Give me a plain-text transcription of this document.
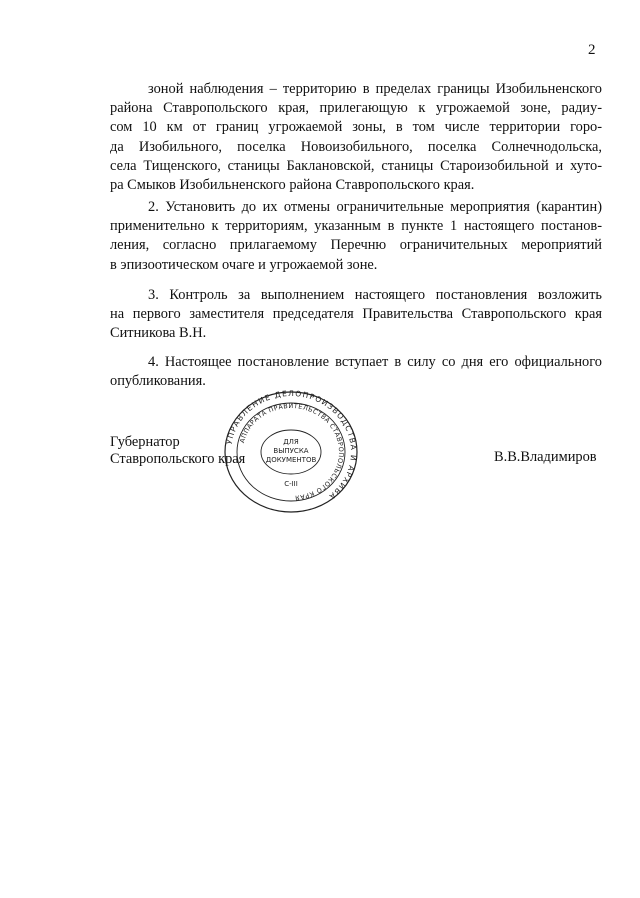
2
зоной наблюдения – территорию в пределах границы Изобильненского
района Ставропольского края, прилегающую к угрожаемой зоне, радиу-
сом 10 км от границ угрожаемой зоны, в том числе территории горо-
да Изобильного, поселка Новоизобильного, поселка Солнечнодольска,
села Тищенского, станицы Баклановской, станицы Староизобильной и хуто-
ра Смыков Изобильненского района Ставропольского края.
2. Установить до их отмены ограничительные мероприятия (карантин)
применительно к территориям, указанным в пункте 1 настоящего постанов-
ления, согласно прилагаемому Перечню ограничительных мероприятий
в эпизоотическом очаге и угрожаемой зоне.
3. Контроль за выполнением настоящего постановления возложить
на первого заместителя председателя Правительства Ставропольского края
Ситникова В.Н.
4. Настоящее постановление вступает в силу со дня его официального
опубликования.
Губернатор
Ставропольского края	В.В.Владимиров
УПРАВЛЕНИЕ ДЕЛОПРОИЗВОДСТВА И АРХИВА
АППАРАТА ПРАВИТЕЛЬСТВА СТАВРОПОЛЬСКОГО КРАЯ
ДЛЯ
ВЫПУСКА
ДОКУМЕНТОВ
С-III
